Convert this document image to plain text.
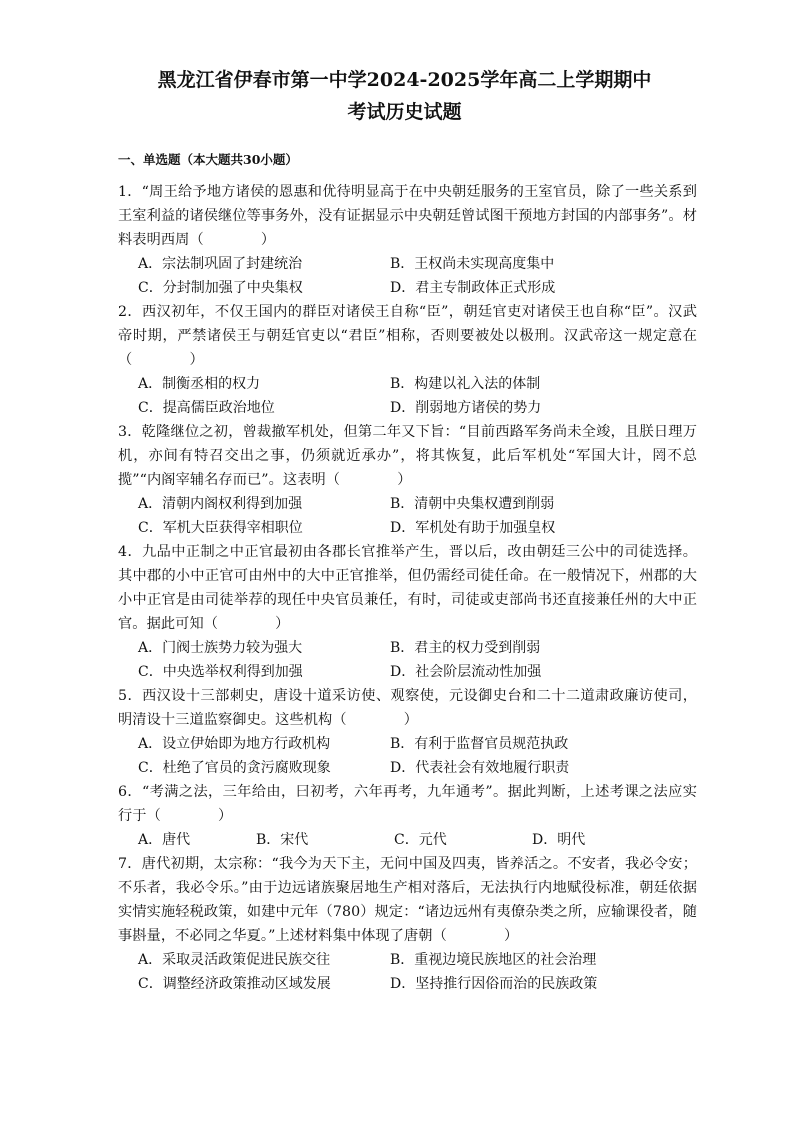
黑龙江省伊春市第一中学2024-2025学年高二上学期期中
考试历史试题
一、单选题（本大题共30小题）
1．“周王给予地方诸侯的恩惠和优待明显高于在中央朝廷服务的王室官员，除了一些关系到王室利益的诸侯继位等事务外，没有证据显示中央朝廷曾试图干预地方封国的内部事务”。材料表明西周（　　　　）
A．宗法制巩固了封建统治	B．王权尚未实现高度集中
C．分封制加强了中央集权	D．君主专制政体正式形成
2．西汉初年，不仅王国内的群臣对诸侯王自称“臣”，朝廷官吏对诸侯王也自称“臣”。汉武帝时期，严禁诸侯王与朝廷官吏以“君臣”相称，否则要被处以极刑。汉武帝这一规定意在（　　　　）
A．制衡丞相的权力	B．构建以礼入法的体制
C．提高儒臣政治地位	D．削弱地方诸侯的势力
3．乾隆继位之初，曾裁撤军机处，但第二年又下旨：“目前西路军务尚未全竣，且朕日理万机，亦间有特召交出之事，仍须就近承办”，将其恢复，此后军机处“军国大计，罔不总揽”“内阁宰辅名存而已”。这表明（　　　　）
A．清朝内阁权利得到加强	B．清朝中央集权遭到削弱
C．军机大臣获得宰相职位	D．军机处有助于加强皇权
4．九品中正制之中正官最初由各郡长官推举产生，晋以后，改由朝廷三公中的司徒选择。其中郡的小中正官可由州中的大中正官推举，但仍需经司徒任命。在一般情况下，州郡的大小中正官是由司徒举荐的现任中央官员兼任，有时，司徒或吏部尚书还直接兼任州的大中正官。据此可知（　　　　）
A．门阀士族势力较为强大	B．君主的权力受到削弱
C．中央选举权利得到加强	D．社会阶层流动性加强
5．西汉设十三部刺史，唐设十道采访使、观察使，元设御史台和二十二道肃政廉访使司，明清设十三道监察御史。这些机构（　　　　）
A．设立伊始即为地方行政机构	B．有利于监督官员规范执政
C．杜绝了官员的贪污腐败现象	D．代表社会有效地履行职责
6．“考满之法，三年给由，曰初考，六年再考，九年通考”。据此判断，上述考课之法应实行于（　　　　）
A．唐代	B．宋代	C．元代	D．明代
7．唐代初期，太宗称：“我今为天下主，无问中国及四夷，皆养活之。不安者，我必令安；不乐者，我必令乐。”由于边远诸族聚居地生产相对落后，无法执行内地赋役标准，朝廷依据实情实施轻税政策，如建中元年（780）规定：“诸边远州有夷僚杂类之所，应输课役者，随事斟量，不必同之华夏。”上述材料集中体现了唐朝（　　　　）
A．采取灵活政策促进民族交往	B．重视边境民族地区的社会治理
C．调整经济政策推动区域发展	D．坚持推行因俗而治的民族政策
